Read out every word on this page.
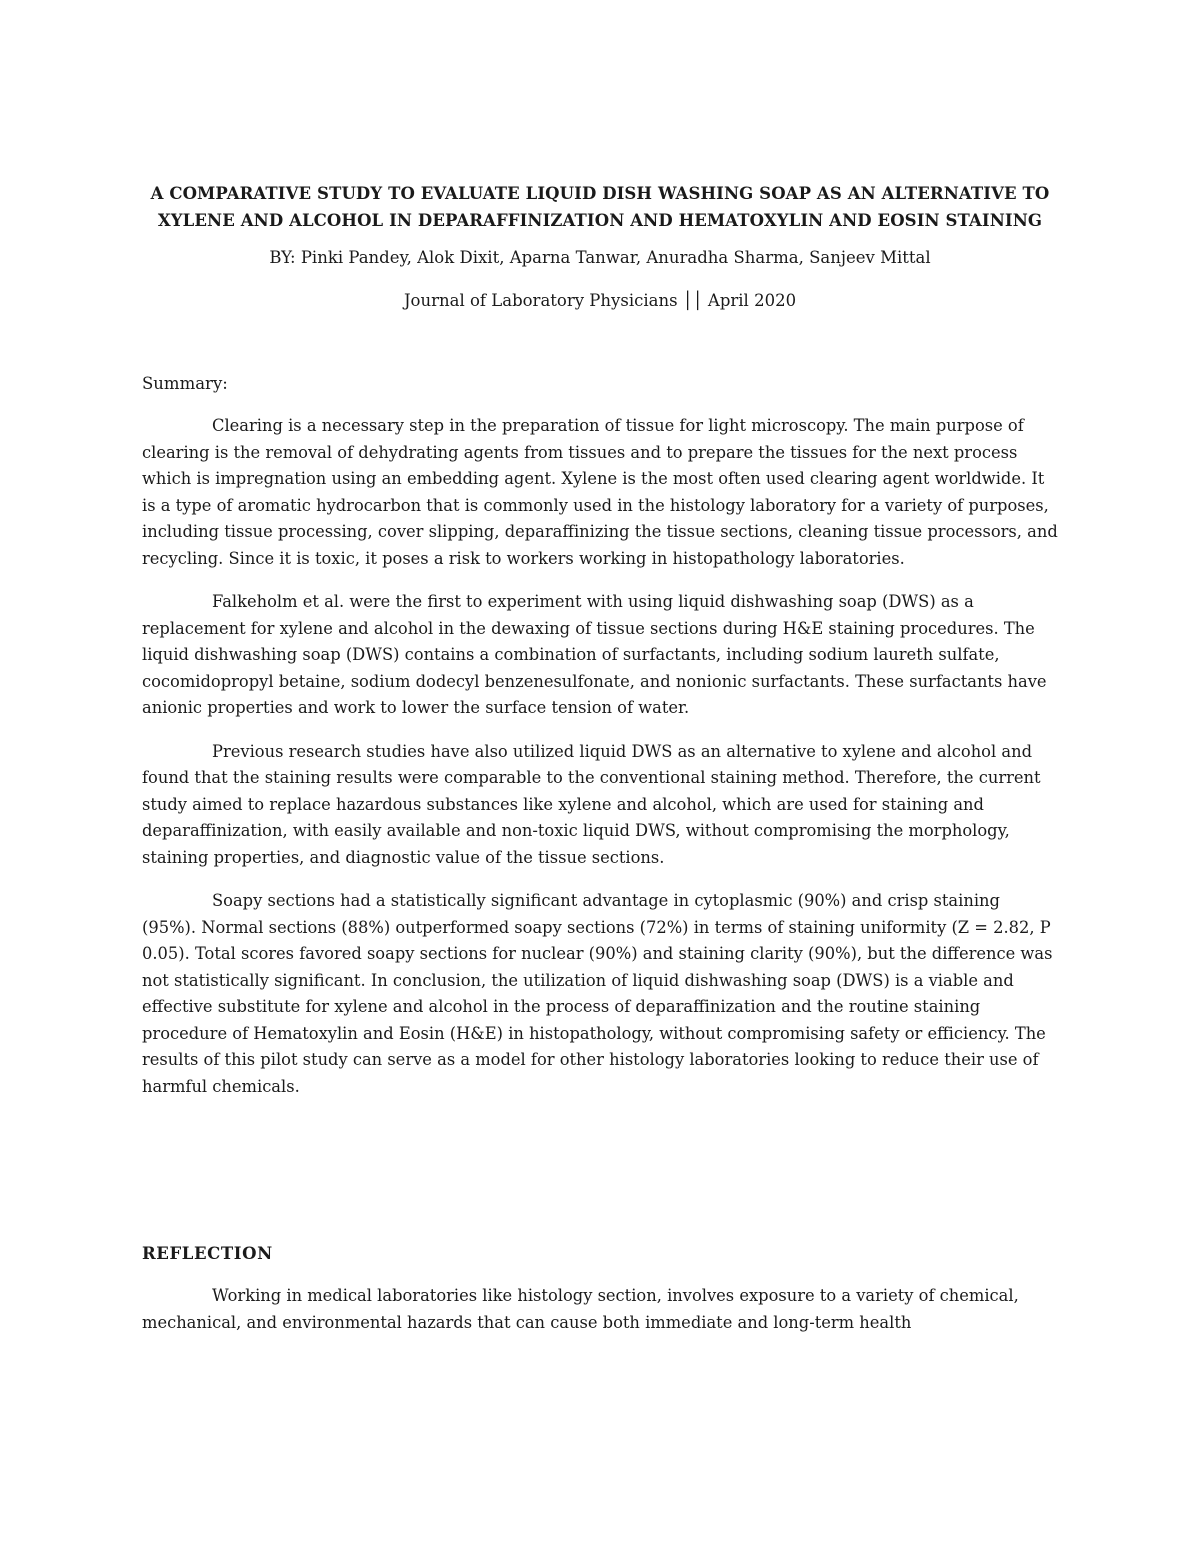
A COMPARATIVE STUDY TO EVALUATE LIQUID DISH WASHING SOAP AS AN ALTERNATIVE TO XYLENE AND ALCOHOL IN DEPARAFFINIZATION AND HEMATOXYLIN AND EOSIN STAINING

BY: Pinki Pandey, Alok Dixit, Aparna Tanwar, Anuradha Sharma, Sanjeev Mittal

Journal of Laboratory Physicians ││ April 2020

Summary:

Clearing is a necessary step in the preparation of tissue for light microscopy. The main purpose of clearing is the removal of dehydrating agents from tissues and to prepare the tissues for the next process which is impregnation using an embedding agent. Xylene is the most often used clearing agent worldwide. It is a type of aromatic hydrocarbon that is commonly used in the histology laboratory for a variety of purposes, including tissue processing, cover slipping, deparaffinizing the tissue sections, cleaning tissue processors, and recycling. Since it is toxic, it poses a risk to workers working in histopathology laboratories.

Falkeholm et al. were the first to experiment with using liquid dishwashing soap (DWS) as a replacement for xylene and alcohol in the dewaxing of tissue sections during H&E staining procedures. The liquid dishwashing soap (DWS) contains a combination of surfactants, including sodium laureth sulfate, cocomidopropyl betaine, sodium dodecyl benzenesulfonate, and nonionic surfactants. These surfactants have anionic properties and work to lower the surface tension of water.

Previous research studies have also utilized liquid DWS as an alternative to xylene and alcohol and found that the staining results were comparable to the conventional staining method. Therefore, the current study aimed to replace hazardous substances like xylene and alcohol, which are used for staining and deparaffinization, with easily available and non-toxic liquid DWS, without compromising the morphology, staining properties, and diagnostic value of the tissue sections.

Soapy sections had a statistically significant advantage in cytoplasmic (90%) and crisp staining (95%). Normal sections (88%) outperformed soapy sections (72%) in terms of staining uniformity (Z = 2.82, P 0.05). Total scores favored soapy sections for nuclear (90%) and staining clarity (90%), but the difference was not statistically significant. In conclusion, the utilization of liquid dishwashing soap (DWS) is a viable and effective substitute for xylene and alcohol in the process of deparaffinization and the routine staining procedure of Hematoxylin and Eosin (H&E) in histopathology, without compromising safety or efficiency. The results of this pilot study can serve as a model for other histology laboratories looking to reduce their use of harmful chemicals.

REFLECTION

Working in medical laboratories like histology section, involves exposure to a variety of chemical, mechanical, and environmental hazards that can cause both immediate and long-term health
